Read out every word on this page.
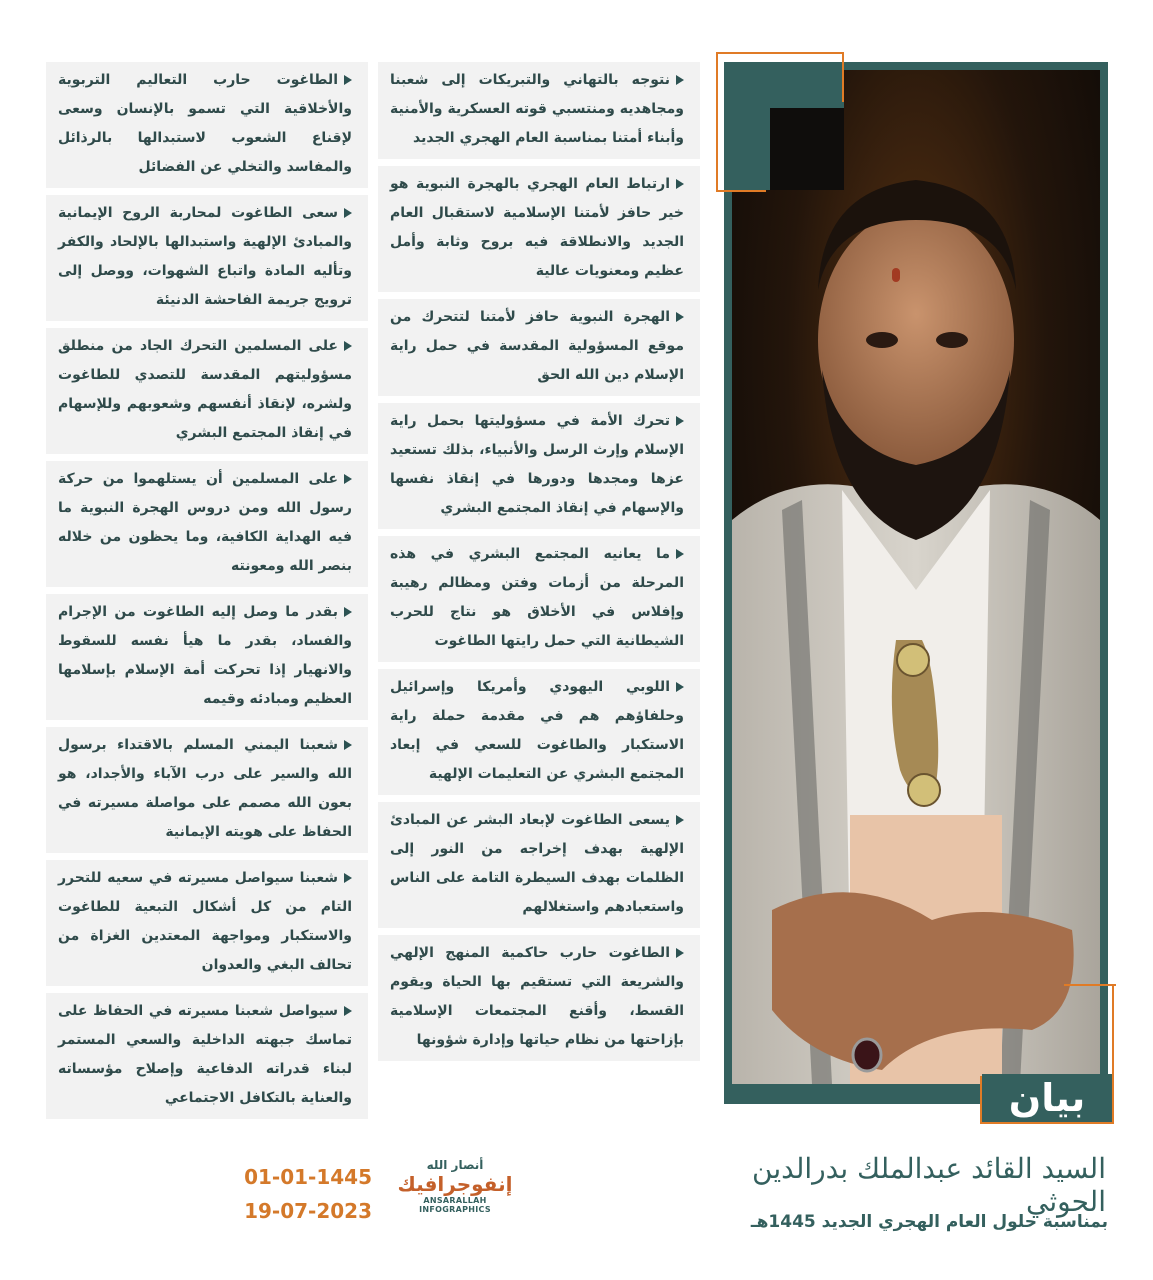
نتوجه بالتهاني والتبريكات إلى شعبنا ومجاهديه ومنتسبي قوته العسكرية والأمنية وأبناء أمتنا بمناسبة العام الهجري الجديد
ارتباط العام الهجري بالهجرة النبوية هو خير حافز لأمتنا الإسلامية لاستقبال العام الجديد والانطلاقة فيه بروح وثابة وأمل عظيم ومعنويات عالية
الهجرة النبوية حافز لأمتنا لتتحرك من موقع المسؤولية المقدسة في حمل راية الإسلام دين الله الحق
تحرك الأمة في مسؤوليتها بحمل راية الإسلام وإرث الرسل والأنبياء، بذلك تستعيد عزها ومجدها ودورها في إنقاذ نفسها والإسهام في إنقاذ المجتمع البشري
ما يعانيه المجتمع البشري في هذه المرحلة من أزمات وفتن ومظالم رهيبة وإفلاس في الأخلاق هو نتاج للحرب الشيطانية التي حمل رايتها الطاغوت
اللوبي اليهودي وأمريكا وإسرائيل وحلفاؤهم هم في مقدمة حملة راية الاستكبار والطاغوت للسعي في إبعاد المجتمع البشري عن التعليمات الإلهية
يسعى الطاغوت لإبعاد البشر عن المبادئ الإلهية بهدف إخراجه من النور إلى الظلمات بهدف السيطرة التامة على الناس واستعبادهم واستغلالهم
الطاغوت حارب حاكمية المنهج الإلهي والشريعة التي تستقيم بها الحياة ويقوم القسط، وأقنع المجتمعات الإسلامية بإزاحتها من نظام حياتها وإدارة شؤونها
الطاغوت حارب التعاليم التربوية والأخلاقية التي تسمو بالإنسان وسعى لإقناع الشعوب لاستبدالها بالرذائل والمفاسد والتخلي عن الفضائل
سعى الطاغوت لمحاربة الروح الإيمانية والمبادئ الإلهية واستبدالها بالإلحاد والكفر وتأليه المادة واتباع الشهوات، ووصل إلى ترويج جريمة الفاحشة الدنيئة
على المسلمين التحرك الجاد من منطلق مسؤوليتهم المقدسة للتصدي للطاغوت ولشره، لإنقاذ أنفسهم وشعوبهم وللإسهام في إنقاذ المجتمع البشري
على المسلمين أن يستلهموا من حركة رسول الله ومن دروس الهجرة النبوية ما فيه الهداية الكافية، وما يحظون من خلاله بنصر الله ومعونته
بقدر ما وصل إليه الطاغوت من الإجرام والفساد، بقدر ما هيأ نفسه للسقوط والانهيار إذا تحركت أمة الإسلام بإسلامها العظيم ومبادئه وقيمه
شعبنا اليمني المسلم بالاقتداء برسول الله والسير على درب الآباء والأجداد، هو بعون الله مصمم على مواصلة مسيرته في الحفاظ على هويته الإيمانية
شعبنا سيواصل مسيرته في سعيه للتحرر التام من كل أشكال التبعية للطاغوت والاستكبار ومواجهة المعتدين الغزاة من تحالف البغي والعدوان
سيواصل شعبنا مسيرته في الحفاظ على تماسك جبهته الداخلية والسعي المستمر لبناء قدراته الدفاعية وإصلاح مؤسساته والعناية بالتكافل الاجتماعي	بيان
السيد القائد عبدالملك بدرالدين الحوثي
بمناسبة حلول العام الهجري الجديد 1445هـ
أنصار الله
إنفوجرافيك
ANSARALLAH INFOGRAPHICS
01-01-1445
19-07-2023
